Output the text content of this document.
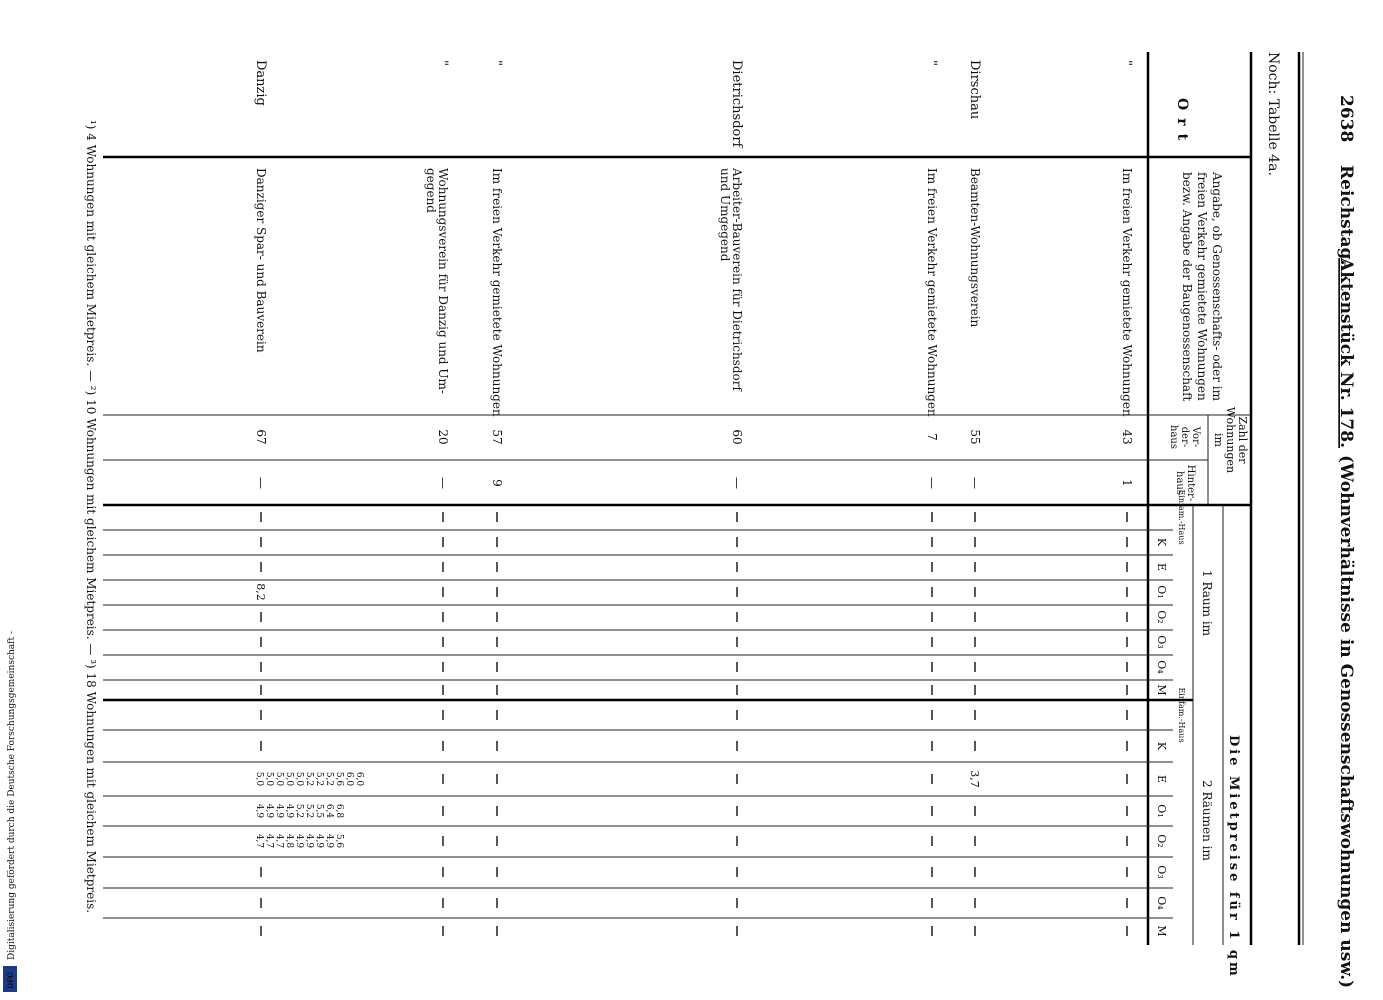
2638
Reichstag.
Aktenstück Nr. 178.
(Wohnverhältnisse in Genossenschaftswohnungen usw.)
Noch: Tabelle 4a.
Ort
Angabe, ob Genossenschafts- oder im
freien Verkehr gemietete Wohnungen
bezw. Angabe der Baugenossenschaft
Zahl der
Wohnungen
im
Vor-
der-
haus
Hinter-
haus
Die Mietpreise für 1 qm
1 Raum im
2 Räumen im
Einfam.-Haus
K
E
O₁
O₂
O₃
O₄
M Einfam.-Haus
K
E
O₁
O₂
O₃
O₄
M
Danzig
Danziger Spar- und Bauverein
67
—
8,2
"
Wohnungsverein für Danzig und Um-
gegend
20
—
"
Im freien Verkehr gemietete Wohnungen
57
9
Dietrichsdorf
Arbeiter-Bauverein für Dietrichsdorf
und Umgegend
60
—
"
Im freien Verkehr gemietete Wohnungen
7
—
Dirschau
Beamten-Wohnungsverein
55
—
3,7
"
Im freien Verkehr gemietete Wohnungen
43
1
5,0 5,0 5,0 5,0 5,0 5,2 5,2 5,2 5,6 6,0 6,0
4,9 4,9 4,9 4,9 5,2 5,2 5,5 6,4 6,8
4,7 4,7 4,7 4,8 4,9 4,9 4,9 4,9 5,6
¹) 4 Wohnungen mit gleichem Mietpreis. — ²) 10 Wohnungen mit gleichem Mietpreis. — ³) 18 Wohnungen mit gleichem Mietpreis.
Digitalisierung gefördert durch die Deutsche Forschungsgemeinschaft -
DFG
